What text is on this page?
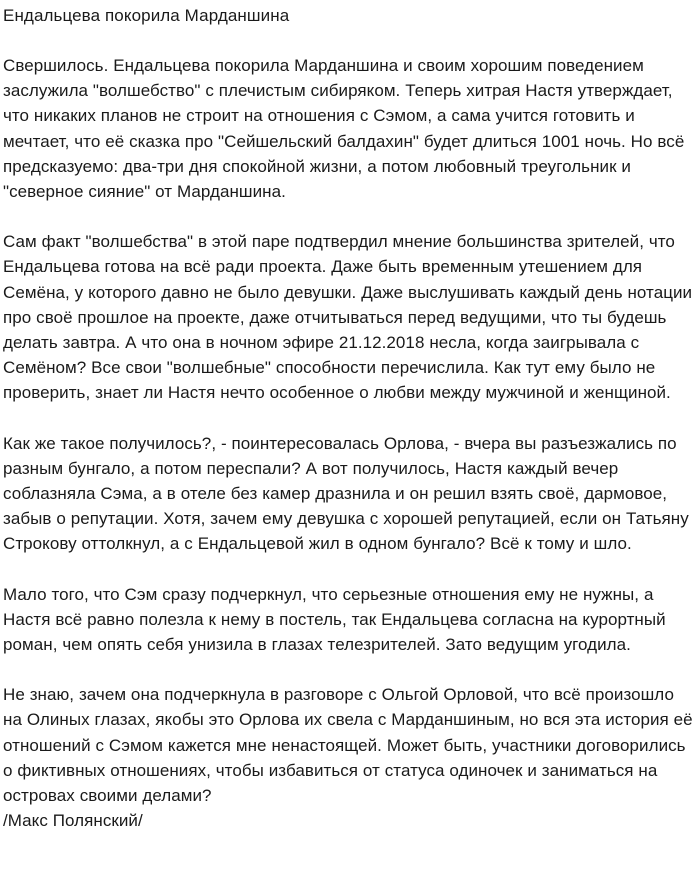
Ендальцева покорила Марданшина

Свершилось. Ендальцева покорила Марданшина и своим хорошим поведением заслужила "волшебство" с плечистым сибиряком. Теперь хитрая Настя утверждает, что никаких планов не строит на отношения с Сэмом, а сама учится готовить и мечтает, что её сказка про "Сейшельский балдахин" будет длиться 1001 ночь. Но всё предсказуемо: два-три дня спокойной жизни, а потом любовный треугольник и "северное сияние" от Марданшина.

Сам факт "волшебства" в этой паре подтвердил мнение большинства зрителей, что Ендальцева готова на всё ради проекта. Даже быть временным утешением для Семёна, у которого давно не было девушки. Даже выслушивать каждый день нотации про своё прошлое на проекте, даже отчитываться перед ведущими, что ты будешь делать завтра. А что она в ночном эфире 21.12.2018 несла, когда заигрывала с Семёном? Все свои "волшебные" способности перечислила. Как тут ему было не проверить, знает ли Настя нечто особенное о любви между мужчиной и женщиной.

Как же такое получилось?, - поинтересовалась Орлова, - вчера вы разъезжались по разным бунгало, а потом переспали? А вот получилось, Настя каждый вечер соблазняла Сэма, а в отеле без камер дразнила и он решил взять своё, дармовое, забыв о репутации. Хотя, зачем ему девушка с хорошей репутацией, если он Татьяну Строкову оттолкнул, а с Ендальцевой жил в одном бунгало? Всё к тому и шло.

Мало того, что Сэм сразу подчеркнул, что серьезные отношения ему не нужны, а Настя всё равно полезла к нему в постель, так Ендальцева согласна на курортный роман, чем опять себя унизила в глазах телезрителей. Зато ведущим угодила.

Не знаю, зачем она подчеркнула в разговоре с Ольгой Орловой, что всё произошло на Олиных глазах, якобы это Орлова их свела с Марданшиным, но вся эта история её отношений с Сэмом кажется мне ненастоящей. Может быть, участники договорились о фиктивных отношениях, чтобы избавиться от статуса одиночек и заниматься на островах своими делами?
/Макс Полянский/
